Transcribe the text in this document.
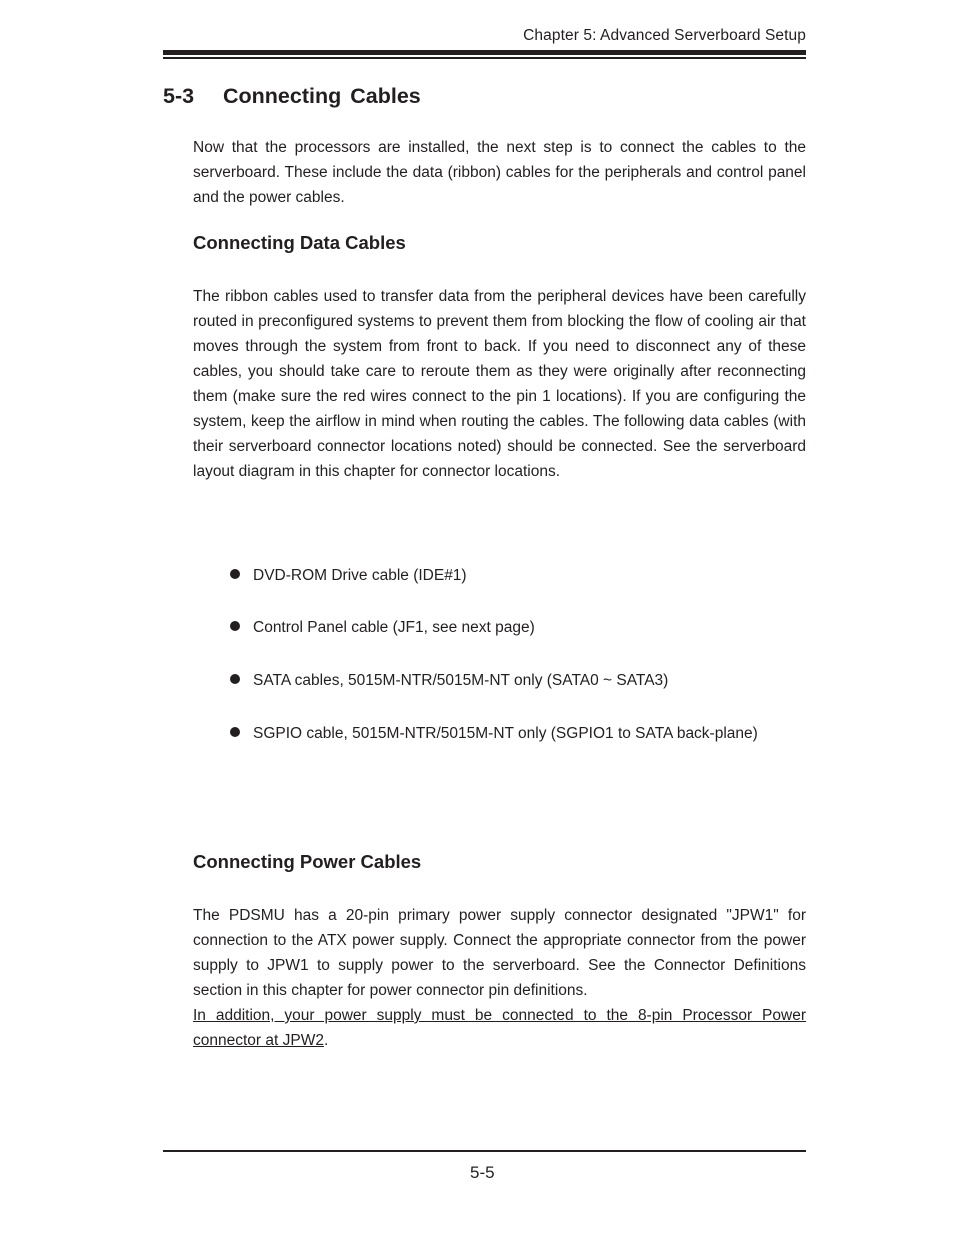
Chapter 5: Advanced Serverboard Setup
5-3 Connecting Cables

Now that the processors are installed, the next step is to connect the cables to the serverboard. These include the data (ribbon) cables for the peripherals and control panel and the power cables.

Connecting Data Cables

The ribbon cables used to transfer data from the peripheral devices have been carefully routed in preconfigured systems to prevent them from blocking the flow of cooling air that moves through the system from front to back. If you need to disconnect any of these cables, you should take care to reroute them as they were originally after reconnecting them (make sure the red wires connect to the pin 1 locations). If you are configuring the system, keep the airflow in mind when routing the cables. The following data cables (with their serverboard connector locations noted) should be connected. See the serverboard layout diagram in this chapter for connector locations.

DVD-ROM Drive cable (IDE#1)
Control Panel cable (JF1, see next page)
SATA cables, 5015M-NTR/5015M-NT only (SATA0 ~ SATA3)
SGPIO cable, 5015M-NTR/5015M-NT only (SGPIO1 to SATA back-plane)
Connecting Power Cables

The PDSMU has a 20-pin primary power supply connector designated "JPW1" for connection to the ATX power supply. Connect the appropriate connector from the power supply to JPW1 to supply power to the serverboard. See the Connector Definitions section in this chapter for power connector pin definitions.
In addition, your power supply must be connected to the 8-pin Processor Power connector at JPW2.

5-5
